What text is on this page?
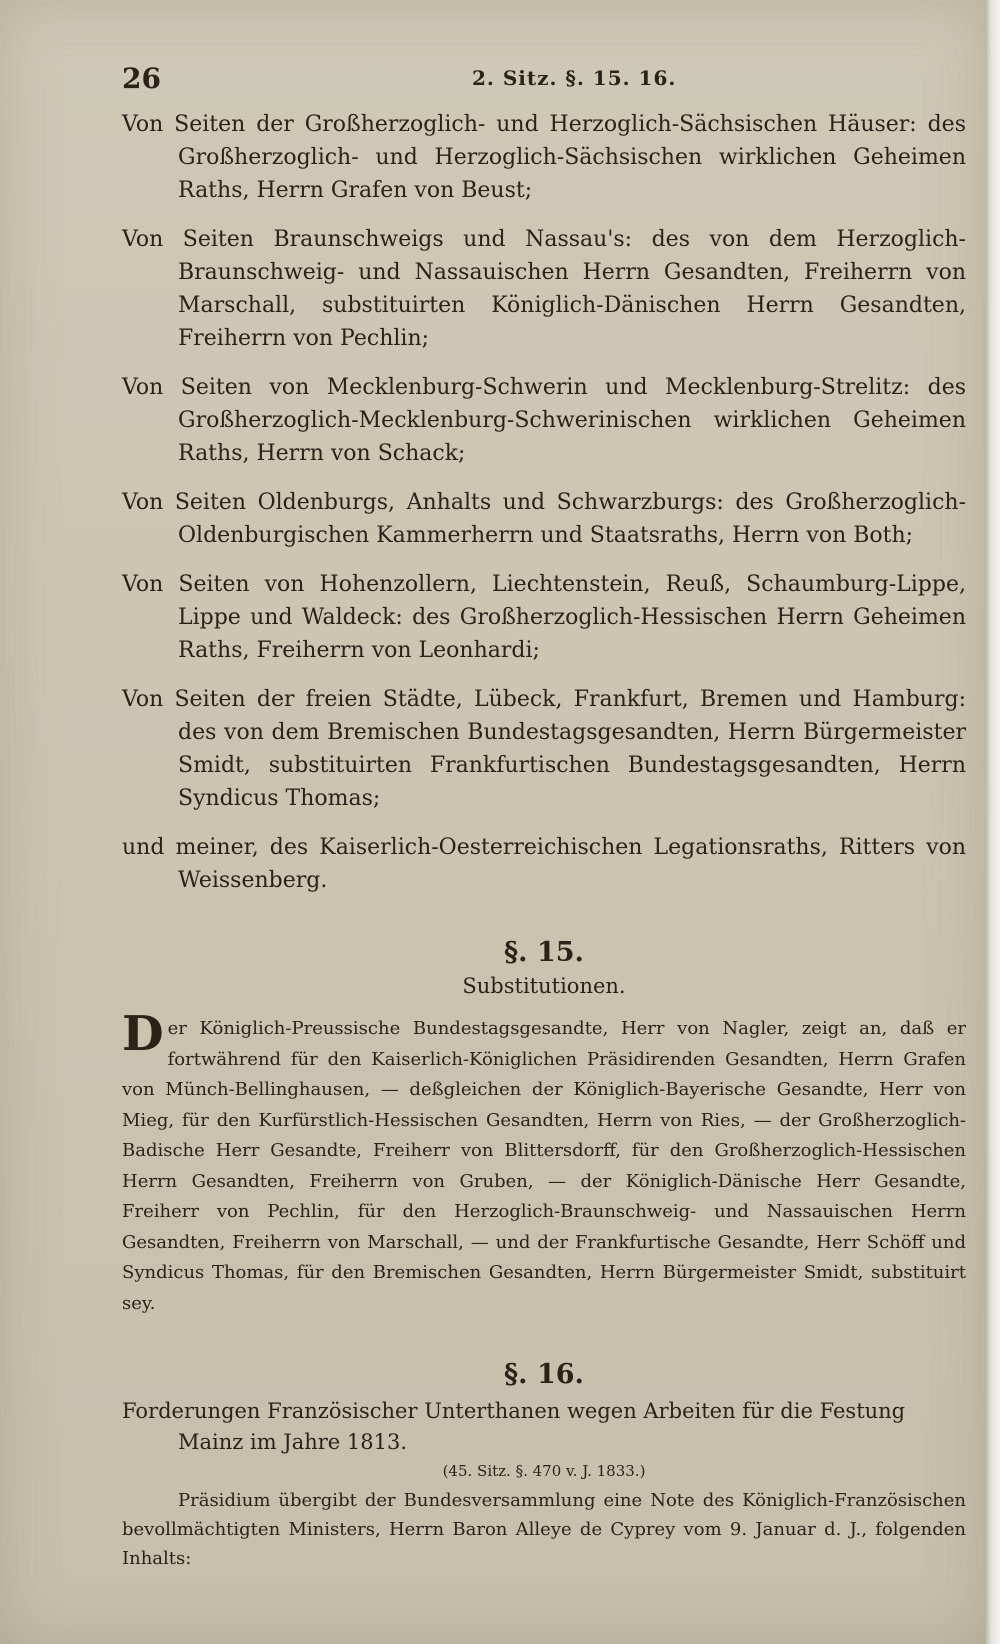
26	2. Sitz. §. 15. 16.

Von Seiten der Großherzoglich- und Herzoglich-Sächsischen Häuser: des Großherzoglich- und Herzoglich-Sächsischen wirklichen Geheimen Raths, Herrn Grafen von Beust;

Von Seiten Braunschweigs und Nassau's: des von dem Herzoglich-Braunschweig- und Nassauischen Herrn Gesandten, Freiherrn von Marschall, substituirten Königlich-Dänischen Herrn Gesandten, Freiherrn von Pechlin;

Von Seiten von Mecklenburg-Schwerin und Mecklenburg-Strelitz: des Großherzoglich-Mecklenburg-Schwerinischen wirklichen Geheimen Raths, Herrn von Schack;

Von Seiten Oldenburgs, Anhalts und Schwarzburgs: des Großherzoglich-Oldenburgischen Kammerherrn und Staatsraths, Herrn von Both;

Von Seiten von Hohenzollern, Liechtenstein, Reuß, Schaumburg-Lippe, Lippe und Waldeck: des Großherzoglich-Hessischen Herrn Geheimen Raths, Freiherrn von Leonhardi;

Von Seiten der freien Städte, Lübeck, Frankfurt, Bremen und Hamburg: des von dem Bremischen Bundestagsgesandten, Herrn Bürgermeister Smidt, substituirten Frankfurtischen Bundestagsgesandten, Herrn Syndicus Thomas;

und meiner, des Kaiserlich-Oesterreichischen Legationsraths, Ritters von Weissenberg.

§. 15.
Substitutionen.

Der Königlich-Preussische Bundestagsgesandte, Herr von Nagler, zeigt an, daß er fortwährend für den Kaiserlich-Königlichen Präsidirenden Gesandten, Herrn Grafen von Münch-Bellinghausen, — deßgleichen der Königlich-Bayerische Gesandte, Herr von Mieg, für den Kurfürstlich-Hessischen Gesandten, Herrn von Ries, — der Großherzoglich-Badische Herr Gesandte, Freiherr von Blittersdorff, für den Großherzoglich-Hessischen Herrn Gesandten, Freiherrn von Gruben, — der Königlich-Dänische Herr Gesandte, Freiherr von Pechlin, für den Herzoglich-Braunschweig- und Nassauischen Herrn Gesandten, Freiherrn von Marschall, — und der Frankfurtische Gesandte, Herr Schöff und Syndicus Thomas, für den Bremischen Gesandten, Herrn Bürgermeister Smidt, substituirt sey.

§. 16.

Forderungen Französischer Unterthanen wegen Arbeiten für die Festung Mainz im Jahre 1813.

(45. Sitz. §. 470 v. J. 1833.)

Präsidium übergibt der Bundesversammlung eine Note des Königlich-Französischen bevollmächtigten Ministers, Herrn Baron Alleye de Cyprey vom 9. Januar d. J., folgenden Inhalts:
